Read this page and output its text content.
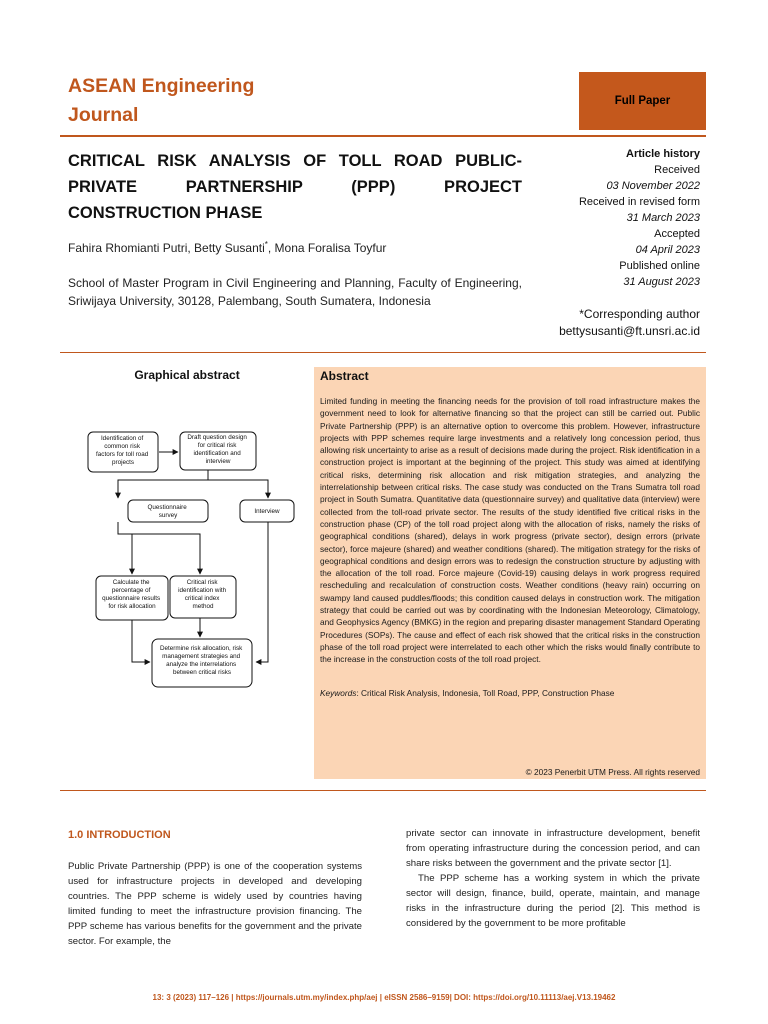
ASEAN Engineering Journal
Full Paper
CRITICAL RISK ANALYSIS OF TOLL ROAD PUBLIC- PRIVATE PARTNERSHIP (PPP) PROJECT
CONSTRUCTION PHASE
Fahira Rhomianti Putri, Betty Susanti*, Mona Foralisa Toyfur
School of Master Program in Civil Engineering and Planning, Faculty of Engineering, Sriwijaya University, 30128, Palembang, South Sumatera, Indonesia
Article history
Received
03 November 2022
Received in revised form
31 March 2023
Accepted
04 April 2023
Published online
31 August 2023
*Corresponding author
bettysusanti@ft.unsri.ac.id
Graphical abstract
Identification of common risk factors for toll road projects
Draft question design for critical risk identification and interview
Questionnaire survey
Interview
Calculate the percentage of questionnaire results for risk allocation
Critical risk identification with critical index method
Determine risk allocation, risk management strategies and analyze the interrelations between critical risks
Abstract
Limited funding in meeting the financing needs for the provision of toll road infrastructure makes the government need to look for alternative financing so that the project can still be carried out. Public Private Partnership (PPP) is an alternative option to overcome this problem. However, infrastructure projects with PPP schemes require large investments and a relatively long concession period, thus allowing risk uncertainty to arise as a result of decisions made during the project. Risk identification in a construction project is important at the beginning of the project. This study was aimed at identifying critical risks, determining risk allocation and risk mitigation strategies, and analyzing the interrelationship between critical risks. The case study was conducted on the Trans Sumatra toll road project in South Sumatra. Quantitative data (questionnaire survey) and qualitative data (interview) were collected from the toll-road private sector. The results of the study identified five critical risks in the construction phase (CP) of the toll road project along with the allocation of risks, namely the risks of geographical conditions (shared), delays in work progress (private sector), design errors (private sector), force majeure (shared) and weather conditions (shared). The mitigation strategy for the risks of geographical conditions and design errors was to redesign the construction structure by adjusting with the allocation of the toll road. Force majeure (Covid-19) causing delays in work progress required rescheduling and recalculation of construction costs. Weather conditions (heavy rain) occurring on swampy land caused puddles/floods; this condition caused delays in construction work. The mitigation strategy that could be carried out was by coordinating with the Indonesian Meteorology, Climatology, and Geophysics Agency (BMKG) in the region and preparing disaster management Standard Operating Procedures (SOPs). The cause and effect of each risk showed that the critical risks in the construction phase of the toll road project were interrelated to each other which the risks would finally contribute to the increase in the construction costs of the toll road project.
Keywords: Critical Risk Analysis, Indonesia, Toll Road, PPP, Construction Phase
© 2023 Penerbit UTM Press. All rights reserved
1.0 INTRODUCTION

Public Private Partnership (PPP) is one of the cooperation systems used for infrastructure projects in developed and developing countries. The PPP scheme is widely used by countries having limited funding to meet the infrastructure provision financing. The PPP scheme has various benefits for the government and the private sector. For example, the

private sector can innovate in infrastructure development, benefit from operating infrastructure during the concession period, and can share risks between the government and the private sector [1].

The PPP scheme has a working system in which the private sector will design, finance, build, operate, maintain, and manage risks in the infrastructure during the period [2]. This method is considered by the government to be more profitable

13: 3 (2023) 117–126 | https://journals.utm.my/index.php/aej | eISSN 2586–9159| DOI: https://doi.org/10.11113/aej.V13.19462
